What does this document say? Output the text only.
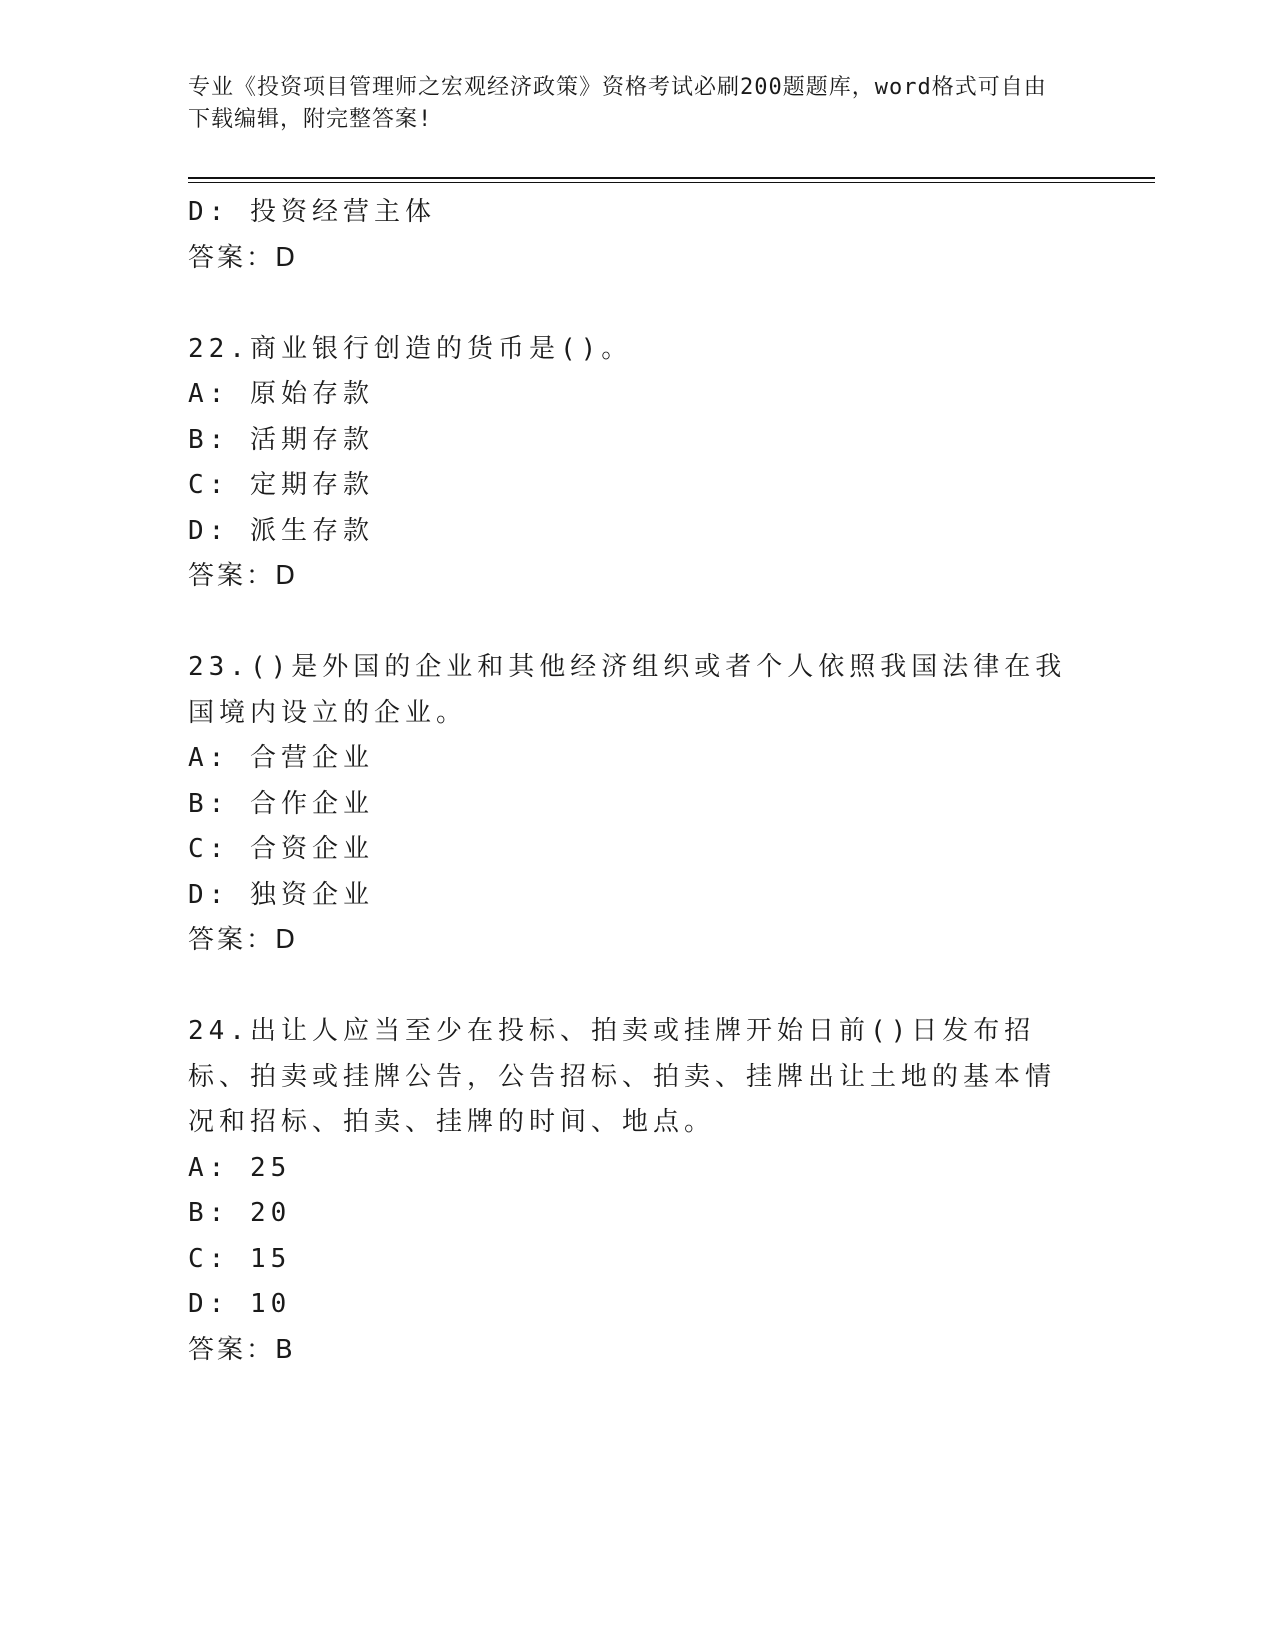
专业《投资项目管理师之宏观经济政策》资格考试必刷200题题库，word格式可自由下载编辑，附完整答案!
D: 投资经营主体
答案：D
22.商业银行创造的货币是()。
A: 原始存款
B: 活期存款
C: 定期存款
D: 派生存款
答案：D
23.()是外国的企业和其他经济组织或者个人依照我国法律在我国境内设立的企业。
A: 合营企业
B: 合作企业
C: 合资企业
D: 独资企业
答案：D
24.出让人应当至少在投标、拍卖或挂牌开始日前()日发布招标、拍卖或挂牌公告，公告招标、拍卖、挂牌出让土地的基本情况和招标、拍卖、挂牌的时间、地点。
A: 25
B: 20
C: 15
D: 10
答案：B
